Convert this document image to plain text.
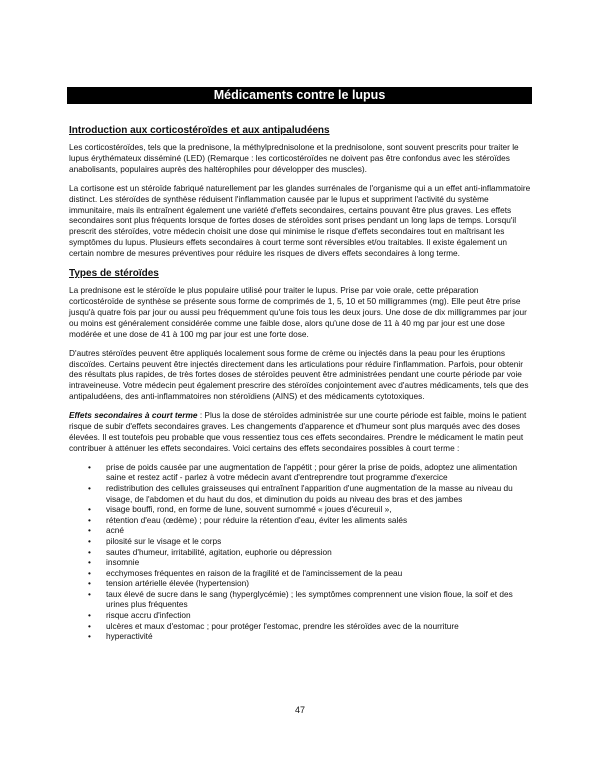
Médicaments contre le lupus
Introduction aux corticostéroïdes et aux antipaludéens

Les corticostéroïdes, tels que la prednisone, la méthylprednisolone et la prednisolone, sont souvent prescrits pour traiter le lupus érythémateux disséminé (LED) (Remarque : les corticostéroïdes ne doivent pas être confondus avec les stéroïdes anabolisants, populaires auprès des haltérophiles pour développer des muscles).

La cortisone est un stéroïde fabriqué naturellement par les glandes surrénales de l'organisme qui a un effet anti-inflammatoire distinct. Les stéroïdes de synthèse réduisent l'inflammation causée par le lupus et suppriment l'activité du système immunitaire, mais ils entraînent également une variété d'effets secondaires, certains pouvant être plus graves. Les effets secondaires sont plus fréquents lorsque de fortes doses de stéroïdes sont prises pendant un long laps de temps. Lorsqu'il prescrit des stéroïdes, votre médecin choisit une dose qui minimise le risque d'effets secondaires tout en maîtrisant les symptômes du lupus. Plusieurs effets secondaires à court terme sont réversibles et/ou traitables. Il existe également un certain nombre de mesures préventives pour réduire les risques de divers effets secondaires à long terme.

Types de stéroïdes

La prednisone est le stéroïde le plus populaire utilisé pour traiter le lupus. Prise par voie orale, cette préparation corticostéroïde de synthèse se présente sous forme de comprimés de 1, 5, 10 et 50 milligrammes (mg). Elle peut être prise jusqu'à quatre fois par jour ou aussi peu fréquemment qu'une fois tous les deux jours. Une dose de dix milligrammes par jour ou moins est généralement considérée comme une faible dose, alors qu'une dose de 11 à 40 mg par jour est une dose modérée et une dose de 41 à 100 mg par jour est une forte dose.

D'autres stéroïdes peuvent être appliqués localement sous forme de crème ou injectés dans la peau pour les éruptions discoïdes. Certains peuvent être injectés directement dans les articulations pour réduire l'inflammation. Parfois, pour obtenir des résultats plus rapides, de très fortes doses de stéroïdes peuvent être administrées pendant une courte période par voie intraveineuse. Votre médecin peut également prescrire des stéroïdes conjointement avec d'autres médicaments, tels que des antipaludéens, des anti-inflammatoires non stéroïdiens (AINS) et des médicaments cytotoxiques.

Effets secondaires à court terme : Plus la dose de stéroïdes administrée sur une courte période est faible, moins le patient risque de subir d'effets secondaires graves. Les changements d'apparence et d'humeur sont plus marqués avec des doses élevées. Il est toutefois peu probable que vous ressentiez tous ces effets secondaires. Prendre le médicament le matin peut contribuer à atténuer les effets secondaires. Voici certains des effets secondaires possibles à court terme :

• prise de poids causée par une augmentation de l'appétit ; pour gérer la prise de poids, adoptez une alimentation saine et restez actif - parlez à votre médecin avant d'entreprendre tout programme d'exercice
• redistribution des cellules graisseuses qui entraînent l'apparition d'une augmentation de la masse au niveau du visage, de l'abdomen et du haut du dos, et diminution du poids au niveau des bras et des jambes
• visage bouffi, rond, en forme de lune, souvent surnommé « joues d'écureuil »,
• rétention d'eau (œdème) ; pour réduire la rétention d'eau, éviter les aliments salés
• acné
• pilosité sur le visage et le corps
• sautes d'humeur, irritabilité, agitation, euphorie ou dépression
• insomnie
• ecchymoses fréquentes en raison de la fragilité et de l'amincissement de la peau
• tension artérielle élevée (hypertension)
• taux élevé de sucre dans le sang (hyperglycémie) ; les symptômes comprennent une vision floue, la soif et des urines plus fréquentes
• risque accru d'infection
• ulcères et maux d'estomac ; pour protéger l'estomac, prendre les stéroïdes avec de la nourriture
• hyperactivité
47
